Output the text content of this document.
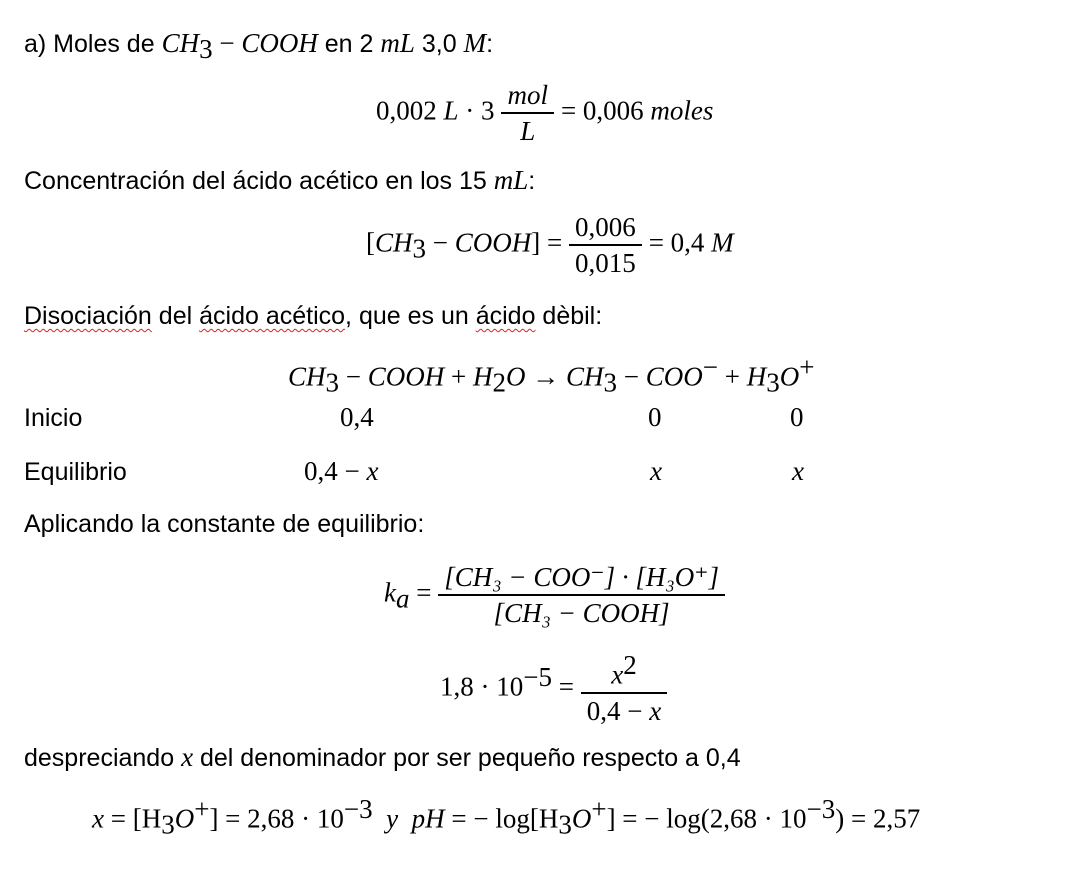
a) Moles de $CH_3$ − COOH en 2 mL 3,0 M:
0,002 $L \cdot 3 \frac{\text{mol}}{L} = 0,006$ moles
Concentración del ácido acético en los 15 mL:
[$CH_3$ − COOH] = $\frac{0,006}{0,015} = 0,4$ M
Disociación del ácido acético, que es un ácido dèbil:
$CH_3$ − COOH + $H_2O \to CH_3 - COO^- + H_3O^+$
Inicio	0,4	0	0
Equilibrio	0,4 − x	x	x
Aplicando la constante de equilibrio:
$k_a = \frac{\text{[CH₃ − COO⁻] · [H₃O⁺]}}{\text{[CH₃ − COOH]}}$
$1,8 \cdot 10^{-5} = \frac{x^2}{0,4 - x}$
despreciando x del denominador por ser pequeño respecto a 0,4
$x = [H_3O^+] = 2,68 \cdot 10^{-3}$  y  pH = − $\log[H_3O^+]$ = − $\log(2,68 \cdot 10^{-3}) = 2,57$
